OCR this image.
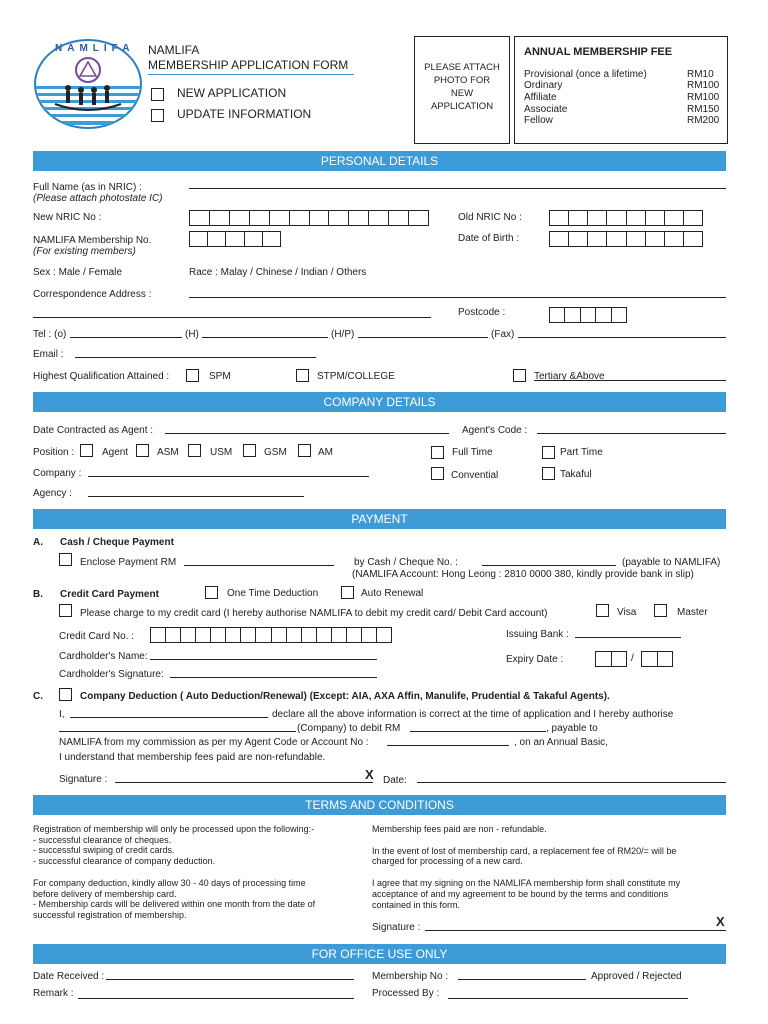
NAMLIFA NAMLIFA
MEMBERSHIP APPLICATION FORM
NEW APPLICATION
UPDATE INFORMATION
PLEASE ATTACH
PHOTO FOR
NEW
APPLICATION
ANNUAL MEMBERSHIP FEE
Provisional (once a lifetime)	RM10
Ordinary	RM100
Affiliate	RM100
Associate	RM150
Fellow	RM200
PERSONAL DETAILS
Full Name (as in NRIC) :
(Please attach photostate IC)
New NRIC No :	Old NRIC No :
NAMLIFA Membership No.
(For existing members)
Date of Birth :
Sex : Male / Female	Race : Malay / Chinese / Indian / Others
Correspondence Address :
Postcode :
Tel : (o)	(H)	(H/P)	(Fax)
Email :
Highest Qualification Attained :	SPM	STPM/COLLEGE	Tertiary &Above
COMPANY DETAILS
Date Contracted as Agent :	Agent's Code :
Position :	Agent	ASM	USM	GSM	AM	Full Time	Part Time
Company :	Convential	Takaful
Agency :
PAYMENT
A. Cash / Cheque Payment
Enclose Payment RM	by Cash / Cheque No. :	(payable to NAMLIFA)
(NAMLIFA Account: Hong Leong : 2810 0000 380, kindly provide bank in slip)
B. Credit Card Payment	One Time Deduction	Auto Renewal
Please charge to my credit card (I hereby authorise NAMLIFA to debit my credit card/ Debit Card account)	Visa	Master
Credit Card No. :	Issuing Bank :
Cardholder's Name:	Expiry Date :	/
Cardholder's Signature:
C.	Company Deduction ( Auto Deduction/Renewal) (Except: AIA, AXA Affin, Manulife, Prudential & Takaful Agents).
I,	declare all the above information is correct at the time of application and I hereby authorise
(Company) to debit RM	, payable to
NAMLIFA from my commission as per my Agent Code or Account No :	, on an Annual Basic,
I understand that membership fees paid are non-refundable.
Signature :	X Date:
TERMS AND CONDITIONS
Registration of membership will only be processed upon the following:-
- successful clearance of cheques.
- successful swiping of credit cards.
- successful clearance of company deduction.
For company deduction, kindly allow 30 - 40 days of processing time
before delivery of membership card.
- Membership cards will be delivered within one month from the date of
successful registration of membership.
Membership fees paid are non - refundable.
In the event of lost of membership card, a replacement fee of RM20/= will be
charged for processing of a new card.
I agree that my signing on the NAMLIFA membership form shall constitute my
acceptance of and my agreement to be bound by the terms and conditions
contained in this form.
Signature :	X
FOR OFFICE USE ONLY
Date Received :	Membership No :	Approved / Rejected
Remark :	Processed By :
